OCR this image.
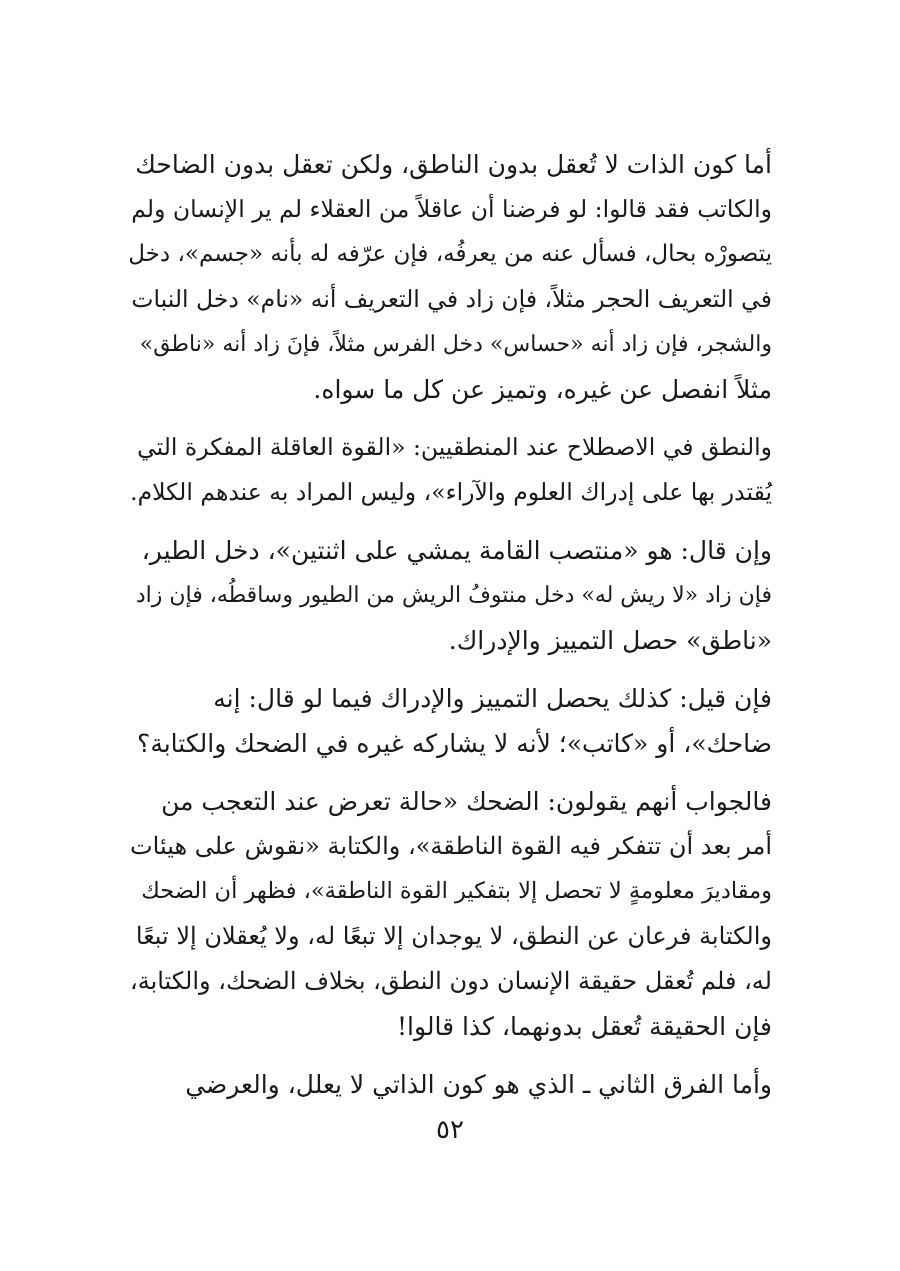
أما كون الذات لا تُعقل بدون الناطق، ولكن تعقل بدون الضاحك
والكاتب فقد قالوا: لو فرضنا أن عاقلاً من العقلاء لم ير الإنسان ولم
يتصورْه بحال، فسأل عنه من يعرفُه، فإن عرّفه له بأنه «جسم»، دخل
في التعريف الحجر مثلاً، فإن زاد في التعريف أنه «نام» دخل النبات
والشجر، فإن زاد أنه «حساس» دخل الفرس مثلاً، فإنَ زاد أنه «ناطق»
مثلاً انفصل عن غيره، وتميز عن كل ما سواه.

والنطق في الاصطلاح عند المنطقيين: «القوة العاقلة المفكرة التي
يُقتدر بها على إدراك العلوم والآراء»، وليس المراد به عندهم الكلام.

وإن قال: هو «منتصب القامة يمشي على اثنتين»، دخل الطير،
فإن زاد «لا ريش له» دخل منتوفُ الريش من الطيور وساقطُه، فإن زاد
«ناطق» حصل التمييز والإدراك.

فإن قيل: كذلك يحصل التمييز والإدراك فيما لو قال: إنه
ضاحك»، أو «كاتب»؛ لأنه لا يشاركه غيره في الضحك والكتابة؟

فالجواب أنهم يقولون: الضحك «حالة تعرض عند التعجب من
أمر بعد أن تتفكر فيه القوة الناطقة»، والكتابة «نقوش على هيئات
ومقاديرَ معلومةٍ لا تحصل إلا بتفكير القوة الناطقة»، فظهر أن الضحك
والكتابة فرعان عن النطق، لا يوجدان إلا تبعًا له، ولا يُعقلان إلا تبعًا
له، فلم تُعقل حقيقة الإنسان دون النطق، بخلاف الضحك، والكتابة،
فإن الحقيقة تُعقل بدونهما، كذا قالوا!

وأما الفرق الثاني ـ الذي هو كون الذاتي لا يعلل، والعرضي

٥٢
